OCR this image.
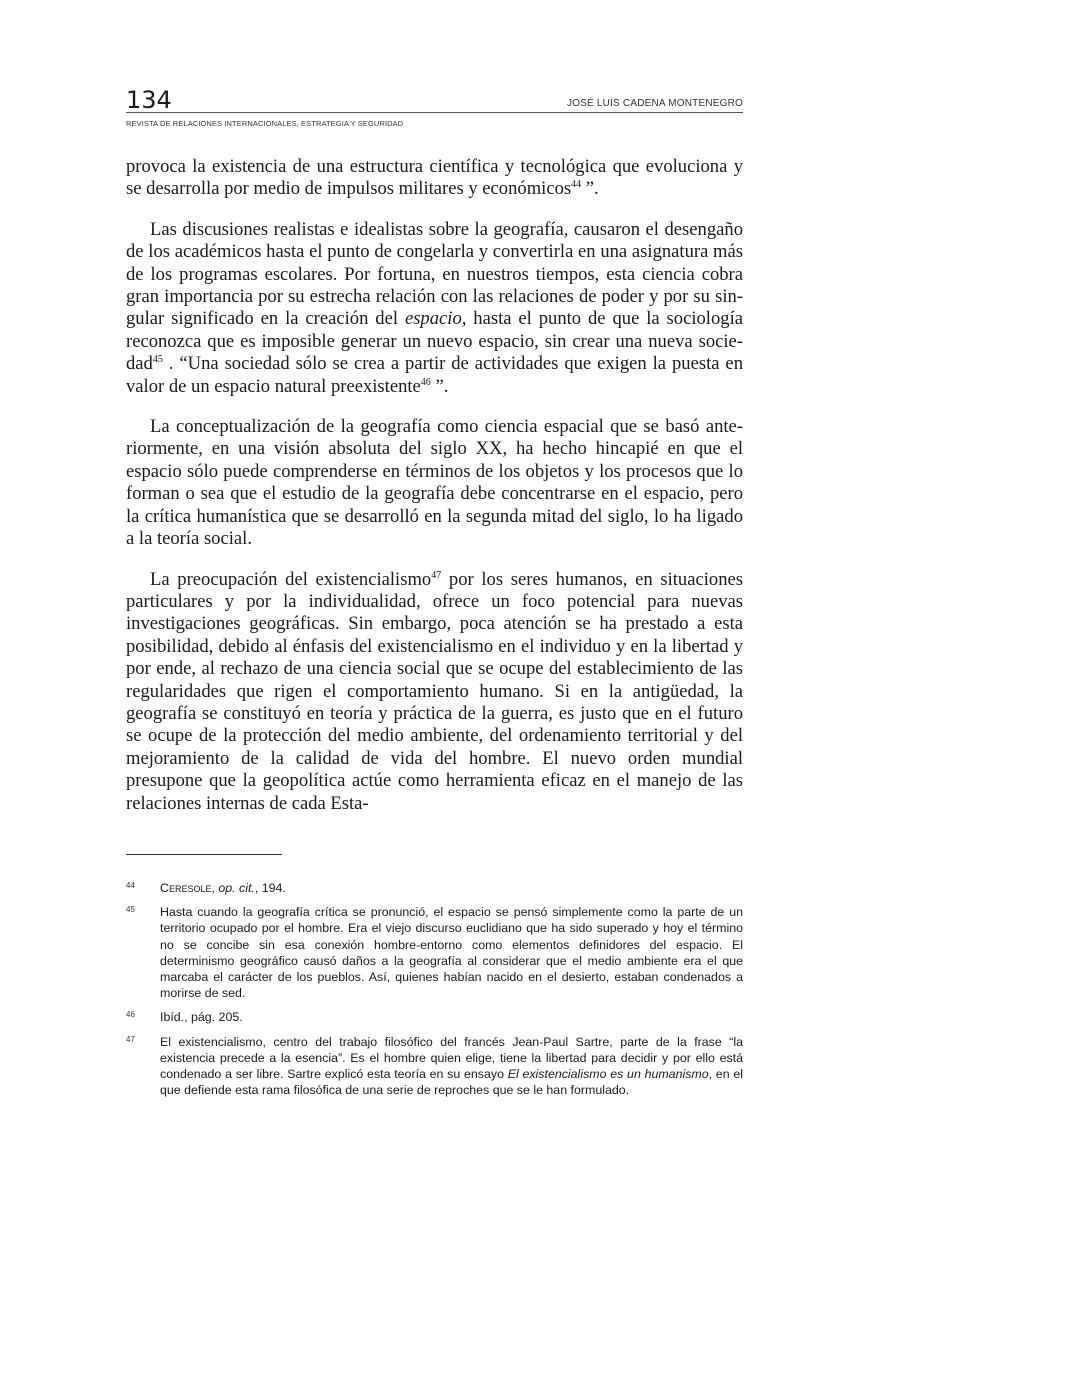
134	JOSÉ LUIS CADENA MONTENEGRO
REVISTA DE RELACIONES INTERNACIONALES, ESTRATEGIA Y SEGURIDAD

provoca la existencia de una estructura científica y tecnológica que evoluciona y se desarrolla por medio de impulsos militares y económicos$^{44}$ ”.

Las discusiones realistas e idealistas sobre la geografía, causaron el desengaño de los académicos hasta el punto de congelarla y convertirla en una asignatura más de los programas escolares. Por fortuna, en nuestros tiempos, esta ciencia cobra gran importancia por su estrecha relación con las relaciones de poder y por su singular significado en la creación del espacio, hasta el punto de que la sociología reconozca que es imposible generar un nuevo espacio, sin crear una nueva sociedad$^{45}$ . “Una sociedad sólo se crea a partir de actividades que exigen la puesta en valor de un espacio natural preexistente$^{46}$ ”.

La conceptualización de la geografía como ciencia espacial que se basó anteriormente, en una visión absoluta del siglo XX, ha hecho hincapié en que el espacio sólo puede comprenderse en términos de los objetos y los procesos que lo forman o sea que el estudio de la geografía debe concentrarse en el espacio, pero la crítica humanística que se desarrolló en la segunda mitad del siglo, lo ha ligado a la teoría social.

La preocupación del existencialismo$^{47}$ por los seres humanos, en situaciones particulares y por la individualidad, ofrece un foco potencial para nuevas investigaciones geográficas. Sin embargo, poca atención se ha prestado a esta posibilidad, debido al énfasis del existencialismo en el individuo y en la libertad y por ende, al rechazo de una ciencia social que se ocupe del establecimiento de las regularidades que rigen el comportamiento humano. Si en la antigüedad, la geografía se constituyó en teoría y práctica de la guerra, es justo que en el futuro se ocupe de la protección del medio ambiente, del ordenamiento territorial y del mejoramiento de la calidad de vida del hombre. El nuevo orden mundial presupone que la geopolítica actúe como herramienta eficaz en el manejo de las relaciones internas de cada Esta-

44 Ceresole, op. cit., 194.
45 Hasta cuando la geografía crítica se pronunció, el espacio se pensó simplemente como la parte de un territorio ocupado por el hombre. Era el viejo discurso euclidiano que ha sido superado y hoy el término no se concibe sin esa conexión hombre-entorno como elementos definidores del espacio. El determinismo geográfico causó daños a la geografía al considerar que el medio ambiente era el que marcaba el carácter de los pueblos. Así, quienes habían nacido en el desierto, estaban condenados a morirse de sed.
46 Ibíd., pág. 205.
47 El existencialismo, centro del trabajo filosófico del francés Jean-Paul Sartre, parte de la frase “la existencia precede a la esencia”. Es el hombre quien elige, tiene la libertad para decidir y por ello está condenado a ser libre. Sartre explicó esta teoría en su ensayo El existencialismo es un humanismo, en el que defiende esta rama filosófica de una serie de reproches que se le han formulado.
